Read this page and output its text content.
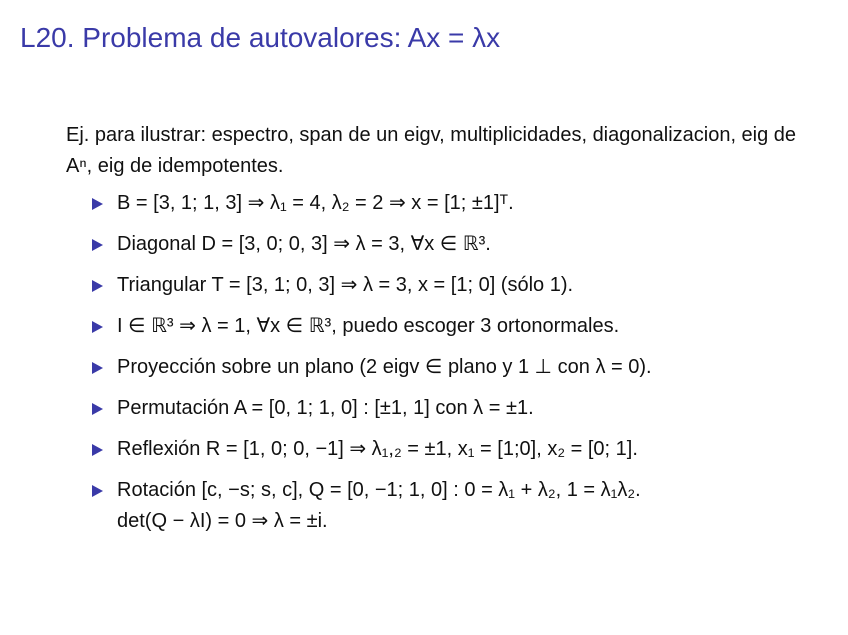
L20. Problema de autovalores: Ax = λx

Ej. para ilustrar: espectro, span de un eigv, multiplicidades, diagonalizacion, eig de Aⁿ, eig de idempotentes.

B = [3, 1; 1, 3] ⇒ λ₁ = 4, λ₂ = 2 ⇒ x = [1; ±1]ᵀ.
Diagonal D = [3, 0; 0, 3] ⇒ λ = 3, ∀x ∈ ℝ³.
Triangular T = [3, 1; 0, 3] ⇒ λ = 3, x = [1; 0] (sólo 1).
I ∈ ℝ³ ⇒ λ = 1, ∀x ∈ ℝ³, puedo escoger 3 ortonormales.
Proyección sobre un plano (2 eigv ∈ plano y 1 ⊥ con λ = 0).
Permutación A = [0, 1; 1, 0] : [±1, 1] con λ = ±1.
Reflexión R = [1, 0; 0, −1] ⇒ λ₁,₂ = ±1, x₁ = [1;0], x₂ = [0; 1].
Rotación [c, −s; s, c], Q = [0, −1; 1, 0] : 0 = λ₁ + λ₂, 1 = λ₁λ₂.
det(Q − λI) = 0 ⇒ λ = ±i.
